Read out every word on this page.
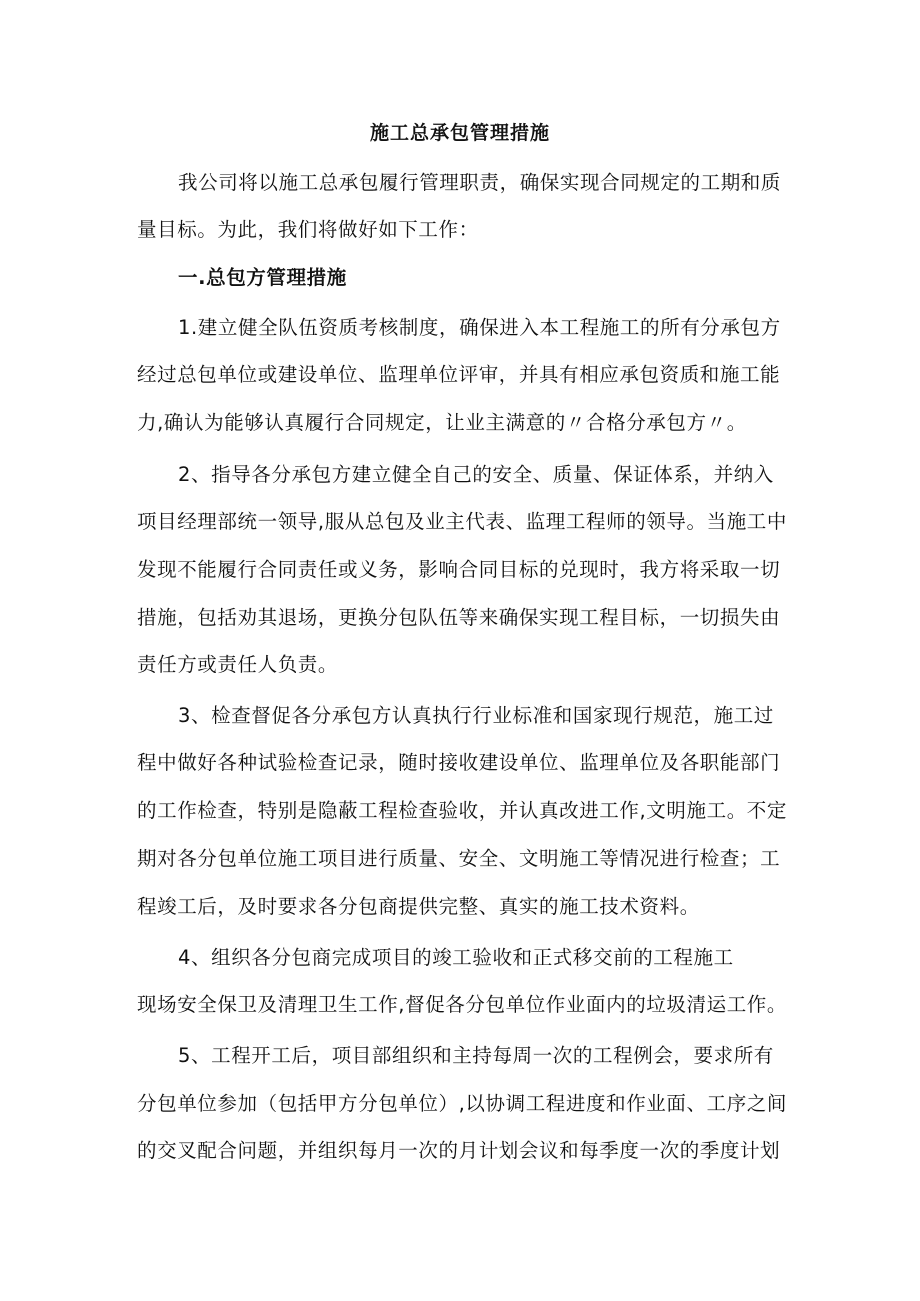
施工总承包管理措施
我公司将以施工总承包履行管理职责，确保实现合同规定的工期和质
量目标。为此，我们将做好如下工作：
一.总包方管理措施
1.建立健全队伍资质考核制度，确保进入本工程施工的所有分承包方
经过总包单位或建设单位、监理单位评审，并具有相应承包资质和施工能
力,确认为能够认真履行合同规定，让业主满意的〃合格分承包方〃。
2、指导各分承包方建立健全自己的安全、质量、保证体系，并纳入
项目经理部统一领导,服从总包及业主代表、监理工程师的领导。当施工中
发现不能履行合同责任或义务，影响合同目标的兑现时，我方将采取一切
措施，包括劝其退场，更换分包队伍等来确保实现工程目标，一切损失由
责任方或责任人负责。
3、检查督促各分承包方认真执行行业标准和国家现行规范，施工过
程中做好各种试验检查记录，随时接收建设单位、监理单位及各职能部门
的工作检查，特别是隐蔽工程检查验收，并认真改进工作,文明施工。不定
期对各分包单位施工项目进行质量、安全、文明施工等情况进行检查；工
程竣工后，及时要求各分包商提供完整、真实的施工技术资料。
4、组织各分包商完成项目的竣工验收和正式移交前的工程施工
现场安全保卫及清理卫生工作,督促各分包单位作业面内的垃圾清运工作。
5、工程开工后，项目部组织和主持每周一次的工程例会，要求所有
分包单位参加（包括甲方分包单位）,以协调工程进度和作业面、工序之间
的交叉配合问题，并组织每月一次的月计划会议和每季度一次的季度计划
